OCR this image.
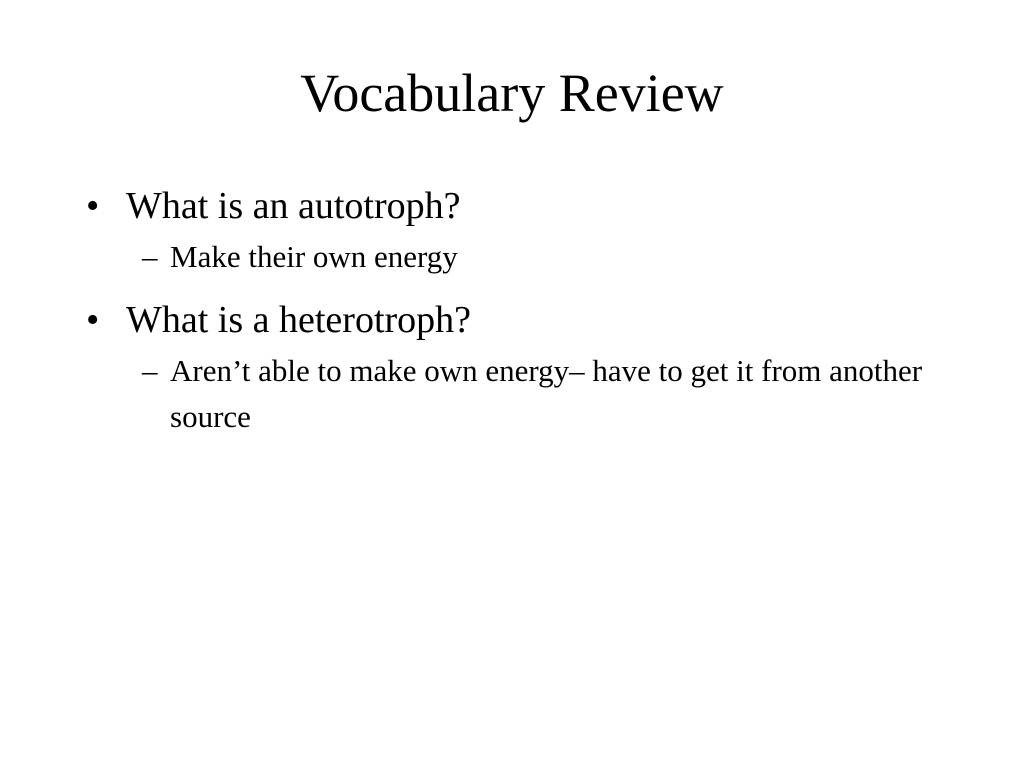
Vocabulary Review
• What is an autotroph?
– Make their own energy
• What is a heterotroph?
– Aren’t able to make own energy– have to get it from another source
